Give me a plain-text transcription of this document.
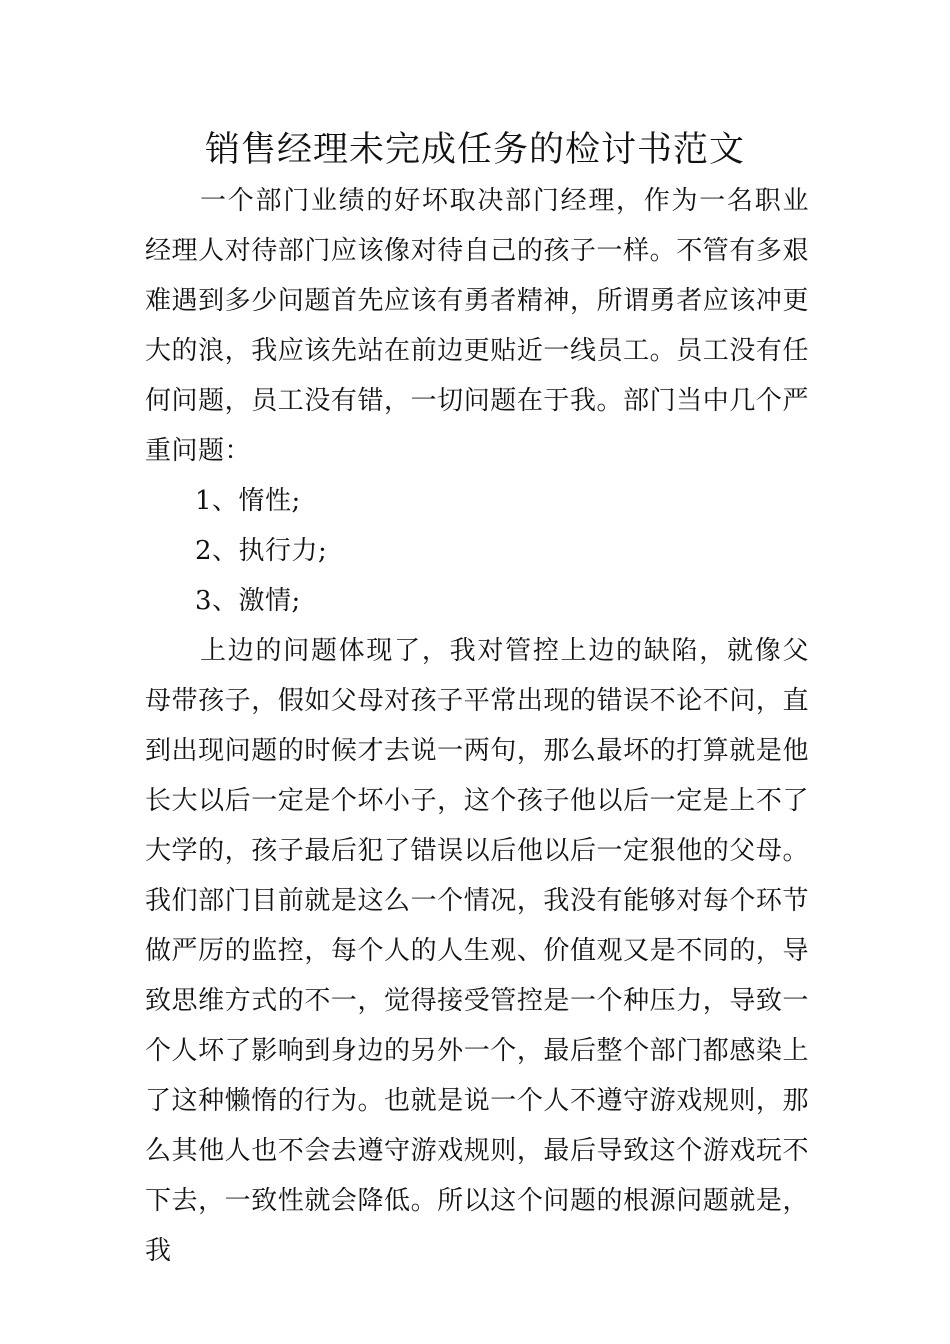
销售经理未完成任务的检讨书范文

一个部门业绩的好坏取决部门经理，作为一名职业经理人对待部门应该像对待自己的孩子一样。不管有多艰难遇到多少问题首先应该有勇者精神，所谓勇者应该冲更大的浪，我应该先站在前边更贴近一线员工。员工没有任何问题，员工没有错，一切问题在于我。部门当中几个严重问题：

1、惰性;

2、执行力;

3、激情;

上边的问题体现了，我对管控上边的缺陷，就像父母带孩子，假如父母对孩子平常出现的错误不论不问，直到出现问题的时候才去说一两句，那么最坏的打算就是他长大以后一定是个坏小子，这个孩子他以后一定是上不了大学的，孩子最后犯了错误以后他以后一定狠他的父母。我们部门目前就是这么一个情况，我没有能够对每个环节做严厉的监控，每个人的人生观、价值观又是不同的，导致思维方式的不一，觉得接受管控是一个种压力，导致一个人坏了影响到身边的另外一个，最后整个部门都感染上了这种懒惰的行为。也就是说一个人不遵守游戏规则，那么其他人也不会去遵守游戏规则，最后导致这个游戏玩不下去，一致性就会降低。所以这个问题的根源问题就是，我
